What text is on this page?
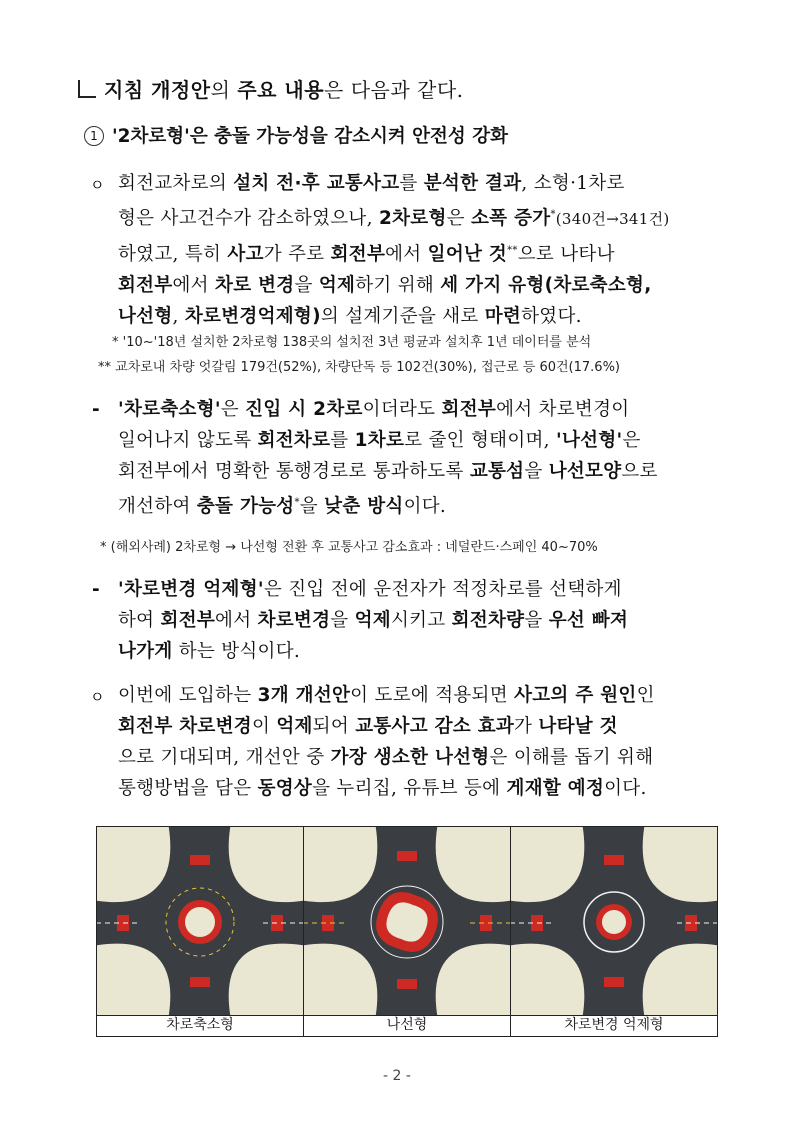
지침 개정안의 주요 내용은 다음과 같다.
1 '2차로형'은 충돌 가능성을 감소시켜 안전성 강화
ㅇ 회전교차로의 설치 전·후 교통사고를 분석한 결과, 소형·1차로
형은 사고건수가 감소하였으나, 2차로형은 소폭 증가*(340건→341건)
하였고, 특히 사고가 주로 회전부에서 일어난 것**으로 나타나
회전부에서 차로 변경을 억제하기 위해 세 가지 유형(차로축소형,
나선형, 차로변경억제형)의 설계기준을 새로 마련하였다.
* '10~'18년 설치한 2차로형 138곳의 설치전 3년 평균과 설치후 1년 데이터를 분석
** 교차로내 차량 엇갈림 179건(52%), 차량단독 등 102건(30%), 접근로 등 60건(17.6%)
- '차로축소형'은 진입 시 2차로이더라도 회전부에서 차로변경이
일어나지 않도록 회전차로를 1차로로 줄인 형태이며, '나선형'은
회전부에서 명확한 통행경로로 통과하도록 교통섬을 나선모양으로
개선하여 충돌 가능성*을 낮춘 방식이다.
* (해외사례) 2차로형 → 나선형 전환 후 교통사고 감소효과 : 네덜란드·스페인 40~70%
- '차로변경 억제형'은 진입 전에 운전자가 적정차로를 선택하게
하여 회전부에서 차로변경을 억제시키고 회전차량을 우선 빠져
나가게 하는 방식이다.
ㅇ 이번에 도입하는 3개 개선안이 도로에 적용되면 사고의 주 원인인
회전부 차로변경이 억제되어 교통사고 감소 효과가 나타날 것
으로 기대되며, 개선안 중 가장 생소한 나선형은 이해를 돕기 위해
통행방법을 담은 동영상을 누리집, 유튜브 등에 게재할 예정이다.
차로축소형	나선형	차로변경 억제형
- 2 -
